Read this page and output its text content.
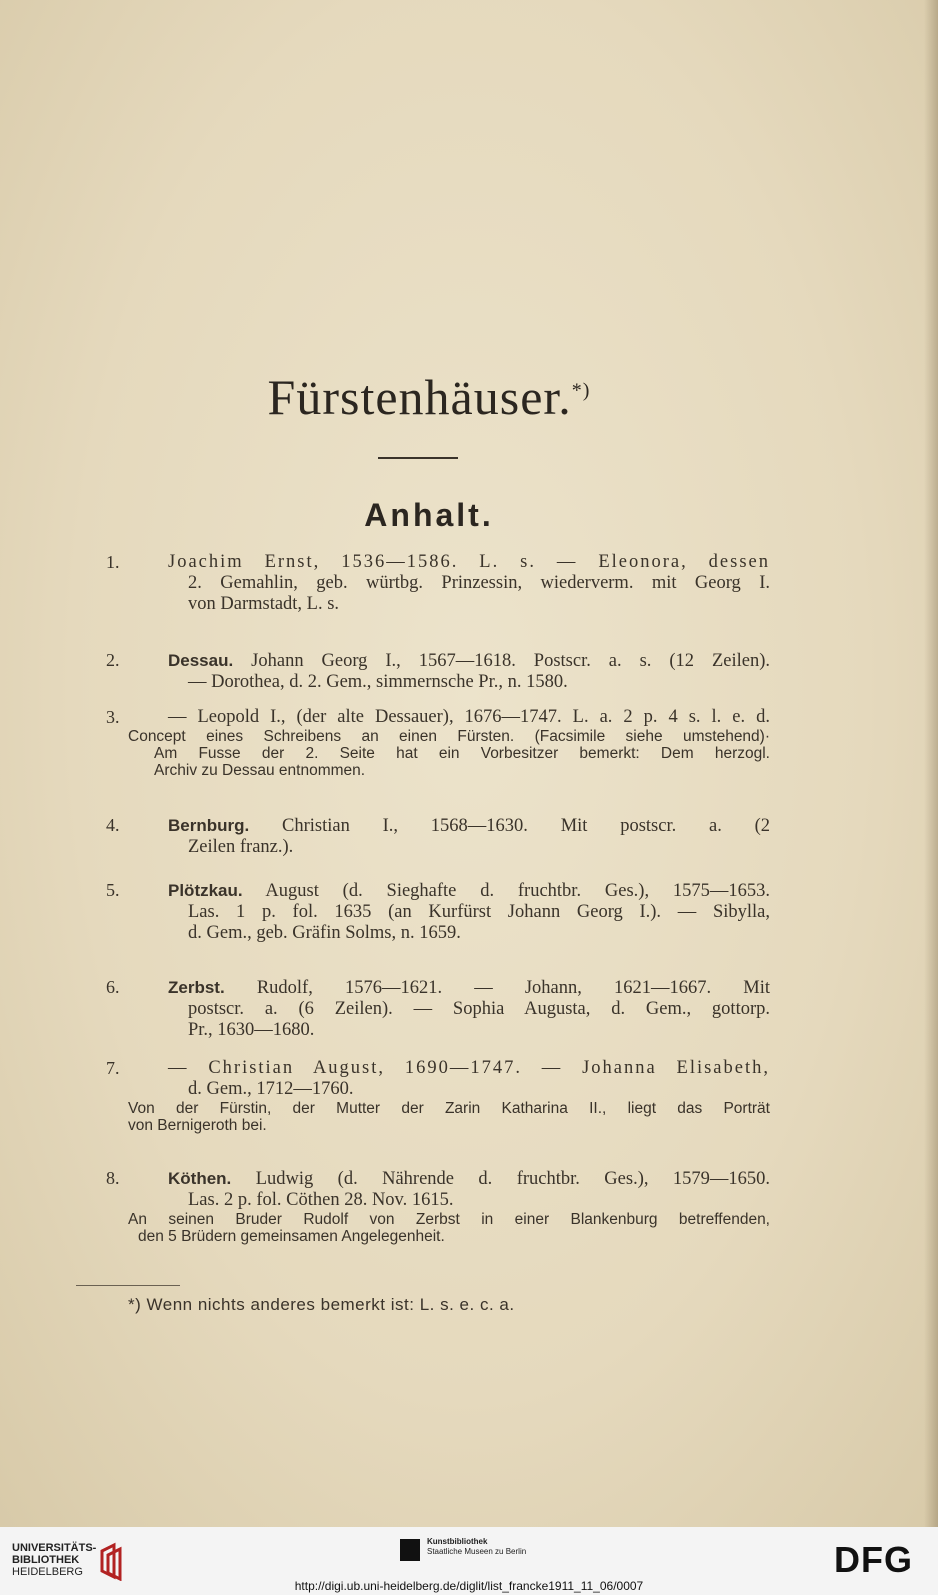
Fürstenhäuser.*)
Anhalt.
1.	Joachim Ernst, 1536—1586. L. s. — Eleonora, dessen
2. Gemahlin, geb. würtbg. Prinzessin, wiederverm. mit Georg I.
von Darmstadt, L. s.
2.	Dessau. Johann Georg I., 1567—1618. Postscr. a. s. (12 Zeilen).
— Dorothea, d. 2. Gem., simmernsche Pr., n. 1580.
3.	— Leopold I., (der alte Dessauer), 1676—1747. L. a. 2 p. 4 s. l. e. d.
Concept eines Schreibens an einen Fürsten. (Facsimile siehe umstehend)·
Am Fusse der 2. Seite hat ein Vorbesitzer bemerkt: Dem herzogl.
Archiv zu Dessau entnommen.
4.	Bernburg. Christian I., 1568—1630. Mit postscr. a. (2
Zeilen franz.).
5.	Plötzkau. August (d. Sieghafte d. fruchtbr. Ges.), 1575—1653.
Las. 1 p. fol. 1635 (an Kurfürst Johann Georg I.). — Sibylla,
d. Gem., geb. Gräfin Solms, n. 1659.
6.	Zerbst. Rudolf, 1576—1621. — Johann, 1621—1667. Mit
postscr. a. (6 Zeilen). — Sophia Augusta, d. Gem., gottorp.
Pr., 1630—1680.
7.	— Christian August, 1690—1747. — Johanna Elisabeth,
d. Gem., 1712—1760.
Von der Fürstin, der Mutter der Zarin Katharina II., liegt das Porträt
von Bernigeroth bei.
8.	Köthen. Ludwig (d. Nährende d. fruchtbr. Ges.), 1579—1650.
Las. 2 p. fol. Cöthen 28. Nov. 1615.
An seinen Bruder Rudolf von Zerbst in einer Blankenburg betreffenden,
den 5 Brüdern gemeinsamen Angelegenheit.
*) Wenn nichts anderes bemerkt ist: L. s. e. c. a.
UNIVERSITÄTS-
BIBLIOTHEK
HEIDELBERG
Kunstbibliothek
Staatliche Museen zu Berlin	DFG
http://digi.ub.uni-heidelberg.de/diglit/list_francke1911_11_06/0007
